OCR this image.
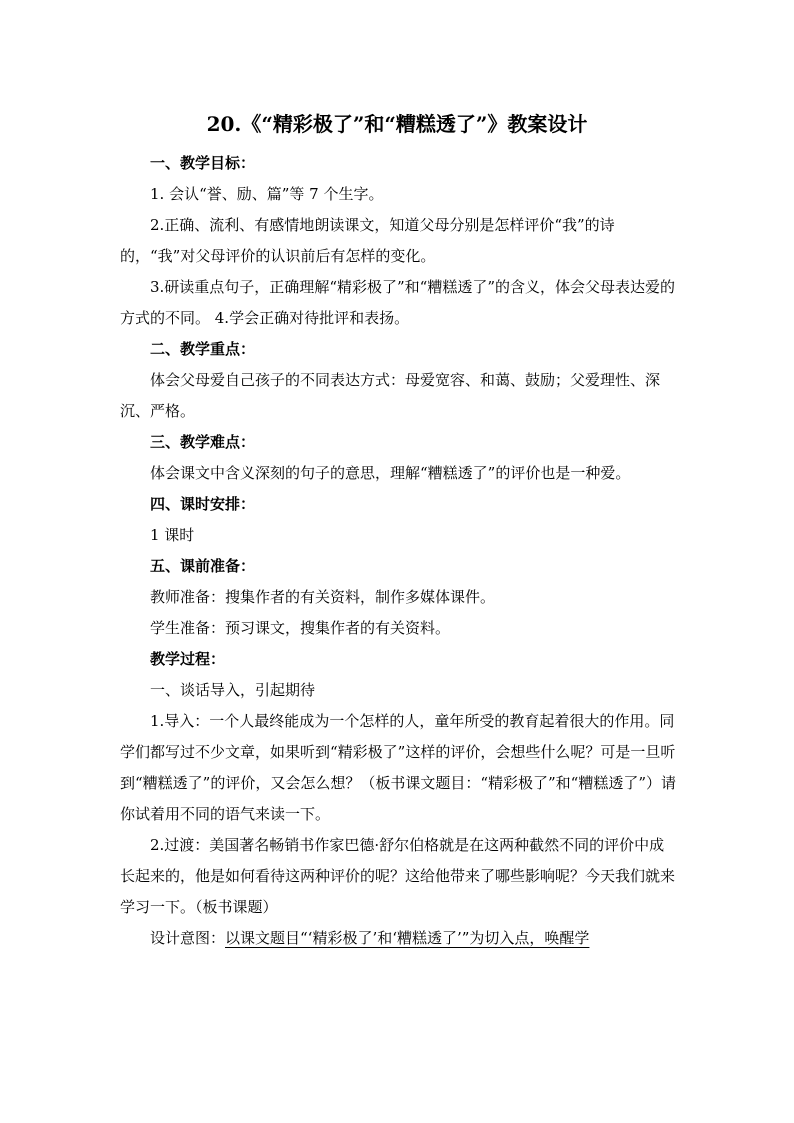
20.《“精彩极了”和“糟糕透了”》教案设计

一、教学目标：

1. 会认“誉、励、篇”等 7 个生字。

2.正确、流利、有感情地朗读课文，知道父母分别是怎样评价“我”的诗的，“我”对父母评价的认识前后有怎样的变化。

3.研读重点句子，正确理解“精彩极了”和“糟糕透了”的含义，体会父母表达爱的方式的不同。 4.学会正确对待批评和表扬。

二、教学重点：

体会父母爱自己孩子的不同表达方式：母爱宽容、和蔼、鼓励；父爱理性、深沉、严格。

三、教学难点：

体会课文中含义深刻的句子的意思，理解“糟糕透了”的评价也是一种爱。

四、课时安排：

1 课时

五、课前准备：

教师准备：搜集作者的有关资料，制作多媒体课件。

学生准备：预习课文，搜集作者的有关资料。

教学过程：

一、谈话导入，引起期待

1.导入：一个人最终能成为一个怎样的人，童年所受的教育起着很大的作用。同学们都写过不少文章，如果听到“精彩极了”这样的评价，会想些什么呢？可是一旦听到“糟糕透了”的评价，又会怎么想？（板书课文题目：“精彩极了”和“糟糕透了”）请你试着用不同的语气来读一下。

2.过渡：美国著名畅销书作家巴德·舒尔伯格就是在这两种截然不同的评价中成长起来的，他是如何看待这两种评价的呢？这给他带来了哪些影响呢？今天我们就来学习一下。（板书课题）

设计意图：以课文题目“‘精彩极了’和‘糟糕透了’”为切入点，唤醒学
